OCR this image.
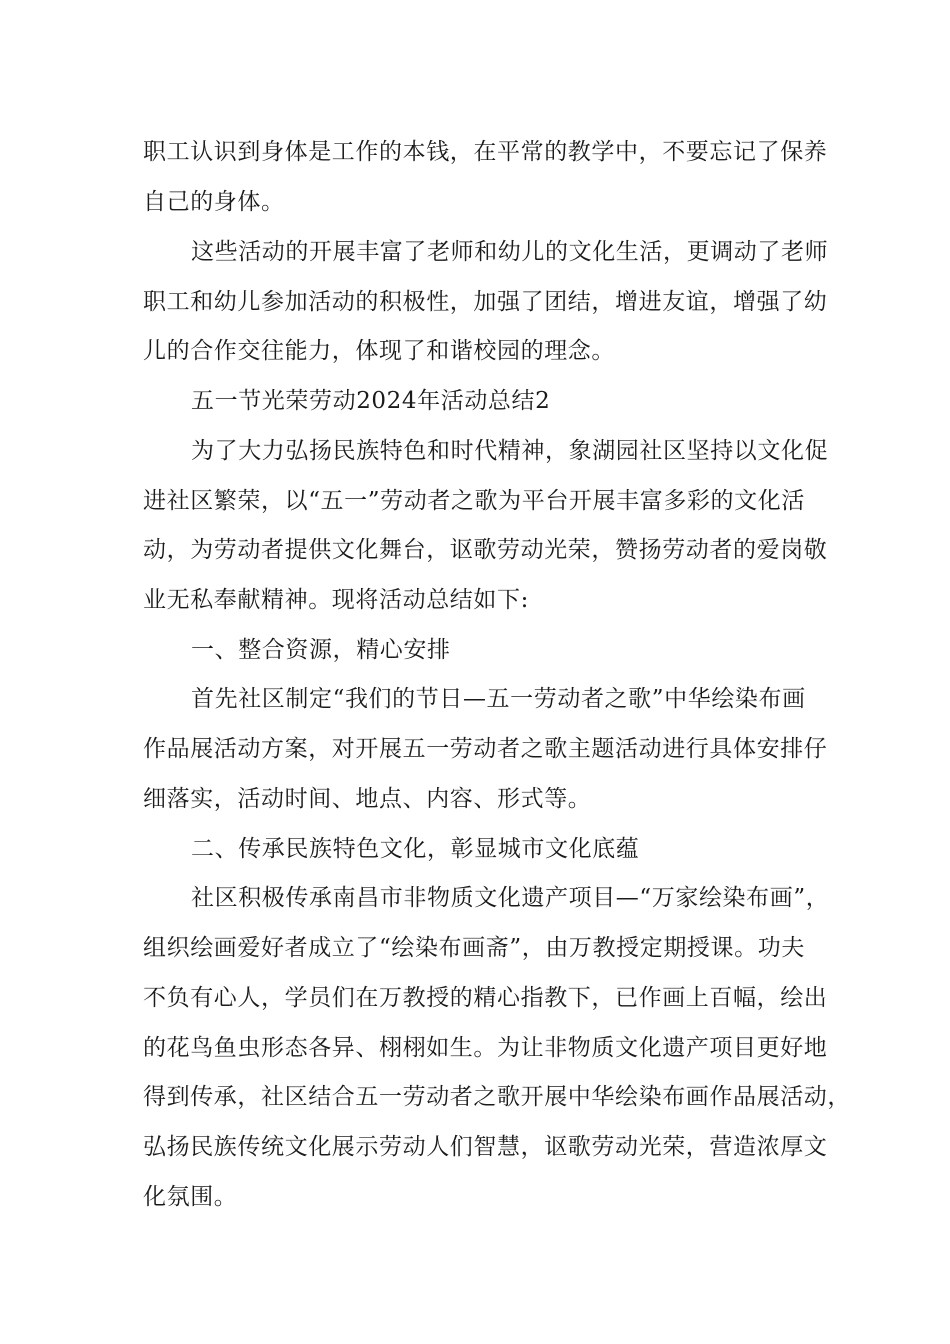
职工认识到身体是工作的本钱，在平常的教学中，不要忘记了保养
自己的身体。
这些活动的开展丰富了老师和幼儿的文化生活，更调动了老师
职工和幼儿参加活动的积极性，加强了团结，增进友谊，增强了幼
儿的合作交往能力，体现了和谐校园的理念。
五一节光荣劳动2024年活动总结2
为了大力弘扬民族特色和时代精神，象湖园社区坚持以文化促
进社区繁荣，以“五一”劳动者之歌为平台开展丰富多彩的文化活
动，为劳动者提供文化舞台，讴歌劳动光荣，赞扬劳动者的爱岗敬
业无私奉献精神。现将活动总结如下:
一、整合资源，精心安排
首先社区制定“我们的节日—五一劳动者之歌”中华绘染布画
作品展活动方案，对开展五一劳动者之歌主题活动进行具体安排仔
细落实，活动时间、地点、内容、形式等。
二、传承民族特色文化，彰显城市文化底蕴
社区积极传承南昌市非物质文化遗产项目—“万家绘染布画”，
组织绘画爱好者成立了“绘染布画斋”，由万教授定期授课。功夫
不负有心人，学员们在万教授的精心指教下，已作画上百幅，绘出
的花鸟鱼虫形态各异、栩栩如生。为让非物质文化遗产项目更好地
得到传承，社区结合五一劳动者之歌开展中华绘染布画作品展活动，
弘扬民族传统文化展示劳动人们智慧，讴歌劳动光荣，营造浓厚文
化氛围。
